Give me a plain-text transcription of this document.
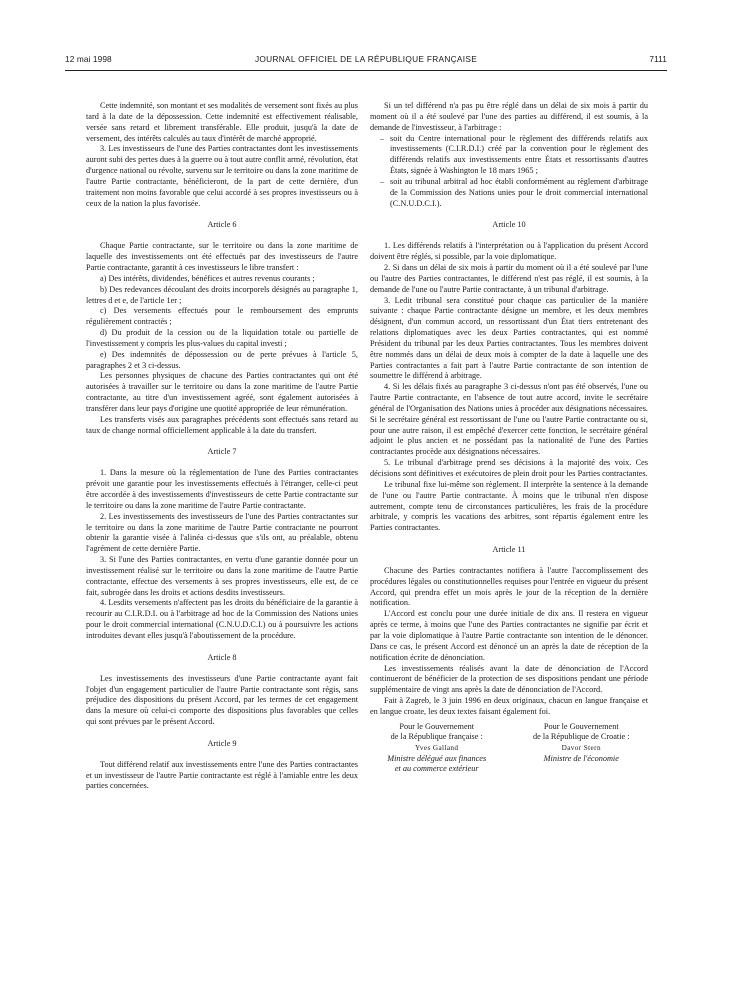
12 mai 1998	JOURNAL OFFICIEL DE LA RÉPUBLIQUE FRANÇAISE	7111

Cette indemnité, son montant et ses modalités de versement sont fixés au plus tard à la date de la dépossession. Cette indemnité est effectivement réalisable, versée sans retard et librement transférable. Elle produit, jusqu'à la date de versement, des intérêts calculés au taux d'intérêt de marché approprié.

3. Les investisseurs de l'une des Parties contractantes dont les investissements auront subi des pertes dues à la guerre ou à tout autre conflit armé, révolution, état d'urgence national ou révolte, survenu sur le territoire ou dans la zone maritime de l'autre Partie contractante, bénéficieront, de la part de cette dernière, d'un traitement non moins favorable que celui accordé à ses propres investisseurs ou à ceux de la nation la plus favorisée.

Article 6

Chaque Partie contractante, sur le territoire ou dans la zone maritime de laquelle des investissements ont été effectués par des investisseurs de l'autre Partie contractante, garantit à ces investisseurs le libre transfert :

a) Des intérêts, dividendes, bénéfices et autres revenus courants ;

b) Des redevances découlant des droits incorporels désignés au paragraphe 1, lettres d et e, de l'article 1er ;

c) Des versements effectués pour le remboursement des emprunts régulièrement contractés ;

d) Du produit de la cession ou de la liquidation totale ou partielle de l'investissement y compris les plus-values du capital investi ;

e) Des indemnités de dépossession ou de perte prévues à l'article 5, paragraphes 2 et 3 ci-dessus.

Les personnes physiques de chacune des Parties contractantes qui ont été autorisées à travailler sur le territoire ou dans la zone maritime de l'autre Partie contractante, au titre d'un investissement agréé, sont également autorisées à transférer dans leur pays d'origine une quotité appropriée de leur rémunération.

Les transferts visés aux paragraphes précédents sont effectués sans retard au taux de change normal officiellement applicable à la date du transfert.

Article 7

1. Dans la mesure où la réglementation de l'une des Parties contractantes prévoit une garantie pour les investissements effectués à l'étranger, celle-ci peut être accordée à des investissements d'investisseurs de cette Partie contractante sur le territoire ou dans la zone maritime de l'autre Partie contractante.

2. Les investissements des investisseurs de l'une des Parties contractantes sur le territoire ou dans la zone maritime de l'autre Partie contractante ne pourront obtenir la garantie visée à l'alinéa ci-dessus que s'ils ont, au préalable, obtenu l'agrément de cette dernière Partie.

3. Si l'une des Parties contractantes, en vertu d'une garantie donnée pour un investissement réalisé sur le territoire ou dans la zone maritime de l'autre Partie contractante, effectue des versements à ses propres investisseurs, elle est, de ce fait, subrogée dans les droits et actions desdits investisseurs.

4. Lesdits versements n'affectent pas les droits du bénéficiaire de la garantie à recourir au C.I.R.D.I. ou à l'arbitrage ad hoc de la Commission des Nations unies pour le droit commercial international (C.N.U.D.C.I.) ou à poursuivre les actions introduites devant elles jusqu'à l'aboutissement de la procédure.

Article 8

Les investissements des investisseurs d'une Partie contractante ayant fait l'objet d'un engagement particulier de l'autre Partie contractante sont régis, sans préjudice des dispositions du présent Accord, par les termes de cet engagement dans la mesure où celui-ci comporte des dispositions plus favorables que celles qui sont prévues par le présent Accord.

Article 9

Tout différend relatif aux investissements entre l'une des Parties contractantes et un investisseur de l'autre Partie contractante est réglé à l'amiable entre les deux parties concernées.

Si un tel différend n'a pas pu être réglé dans un délai de six mois à partir du moment où il a été soulevé par l'une des parties au différend, il est soumis, à la demande de l'investisseur, à l'arbitrage :

– soit du Centre international pour le règlement des différends relatifs aux investissements (C.I.R.D.I.) créé par la convention pour le règlement des différends relatifs aux investissements entre États et ressortissants d'autres États, signée à Washington le 18 mars 1965 ;

– soit au tribunal arbitral ad hoc établi conformément au règlement d'arbitrage de la Commission des Nations unies pour le droit commercial international (C.N.U.D.C.I.).

Article 10

1. Les différends relatifs à l'interprétation ou à l'application du présent Accord doivent être réglés, si possible, par la voie diplomatique.

2. Si dans un délai de six mois à partir du moment où il a été soulevé par l'une ou l'autre des Parties contractantes, le différend n'est pas réglé, il est soumis, à la demande de l'une ou l'autre Partie contractante, à un tribunal d'arbitrage.

3. Ledit tribunal sera constitué pour chaque cas particulier de la manière suivante : chaque Partie contractante désigne un membre, et les deux membres désignent, d'un commun accord, un ressortissant d'un État tiers entretenant des relations diplomatiques avec les deux Parties contractantes, qui est nommé Président du tribunal par les deux Parties contractantes. Tous les membres doivent être nommés dans un délai de deux mois à compter de la date à laquelle une des Parties contractantes a fait part à l'autre Partie contractante de son intention de soumettre le différend à arbitrage.

4. Si les délais fixés au paragraphe 3 ci-dessus n'ont pas été observés, l'une ou l'autre Partie contractante, en l'absence de tout autre accord, invite le secrétaire général de l'Organisation des Nations unies à procéder aux désignations nécessaires. Si le secrétaire général est ressortissant de l'une ou l'autre Partie contractante ou si, pour une autre raison, il est empêché d'exercer cette fonction, le secrétaire général adjoint le plus ancien et ne possédant pas la nationalité de l'une des Parties contractantes procède aux désignations nécessaires.

5. Le tribunal d'arbitrage prend ses décisions à la majorité des voix. Ces décisions sont définitives et exécutoires de plein droit pour les Parties contractantes.

Le tribunal fixe lui-même son règlement. Il interprète la sentence à la demande de l'une ou l'autre Partie contractante. À moins que le tribunal n'en dispose autrement, compte tenu de circonstances particulières, les frais de la procédure arbitrale, y compris les vacations des arbitres, sont répartis également entre les Parties contractantes.

Article 11

Chacune des Parties contractantes notifiera à l'autre l'accomplissement des procédures légales ou constitutionnelles requises pour l'entrée en vigueur du présent Accord, qui prendra effet un mois après le jour de la réception de la dernière notification.

L'Accord est conclu pour une durée initiale de dix ans. Il restera en vigueur après ce terme, à moins que l'une des Parties contractantes ne signifie par écrit et par la voie diplomatique à l'autre Partie contractante son intention de le dénoncer. Dans ce cas, le présent Accord est dénoncé un an après la date de réception de la notification écrite de dénonciation.

Les investissements réalisés avant la date de dénonciation de l'Accord continueront de bénéficier de la protection de ses dispositions pendant une période supplémentaire de vingt ans après la date de dénonciation de l'Accord.

Fait à Zagreb, le 3 juin 1996 en deux originaux, chacun en langue française et en langue croate, les deux textes faisant également foi.

Pour le Gouvernement
de la République française :
Yves Galland
Ministre délégué aux finances
et au commerce extérieur
Pour le Gouvernement
de la République de Croatie :
Davor Stern
Ministre de l'économie
